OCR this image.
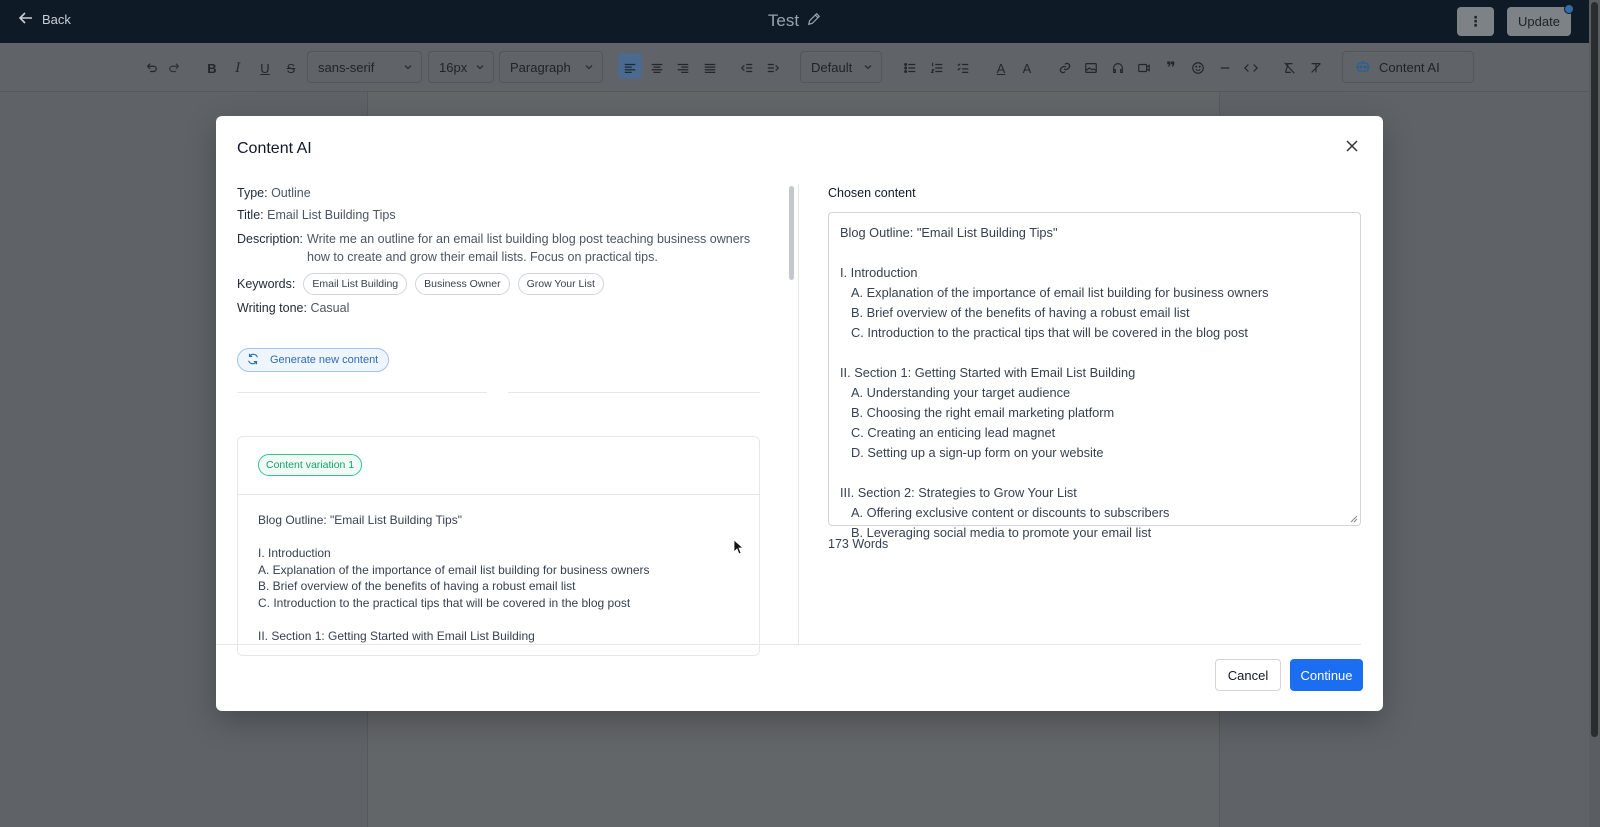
Back	Test	⋮	Update
B	I	U	S	sans-serif	16px	Paragraph	Default	A	A	❞	Content AI
Content AI
Type: Outline
Title: Email List Building Tips
Description: Write me an outline for an email list building blog post teaching business owners how to create and grow their email lists. Focus on practical tips.
Keywords:	Email List Building	Business Owner	Grow Your List
Writing tone: Casual
Generate new content
Content variation 1
Blog Outline: "Email List Building Tips"
I. Introduction
A. Explanation of the importance of email list building for business owners
B. Brief overview of the benefits of having a robust email list
C. Introduction to the practical tips that will be covered in the blog post
II. Section 1: Getting Started with Email List Building
Chosen content
Blog Outline: "Email List Building Tips"
I. Introduction
A. Explanation of the importance of email list building for business owners
B. Brief overview of the benefits of having a robust email list
C. Introduction to the practical tips that will be covered in the blog post
II. Section 1: Getting Started with Email List Building
A. Understanding your target audience
B. Choosing the right email marketing platform
C. Creating an enticing lead magnet
D. Setting up a sign-up form on your website
III. Section 2: Strategies to Grow Your List
A. Offering exclusive content or discounts to subscribers
B. Leveraging social media to promote your email list
173 Words
Cancel	Continue
